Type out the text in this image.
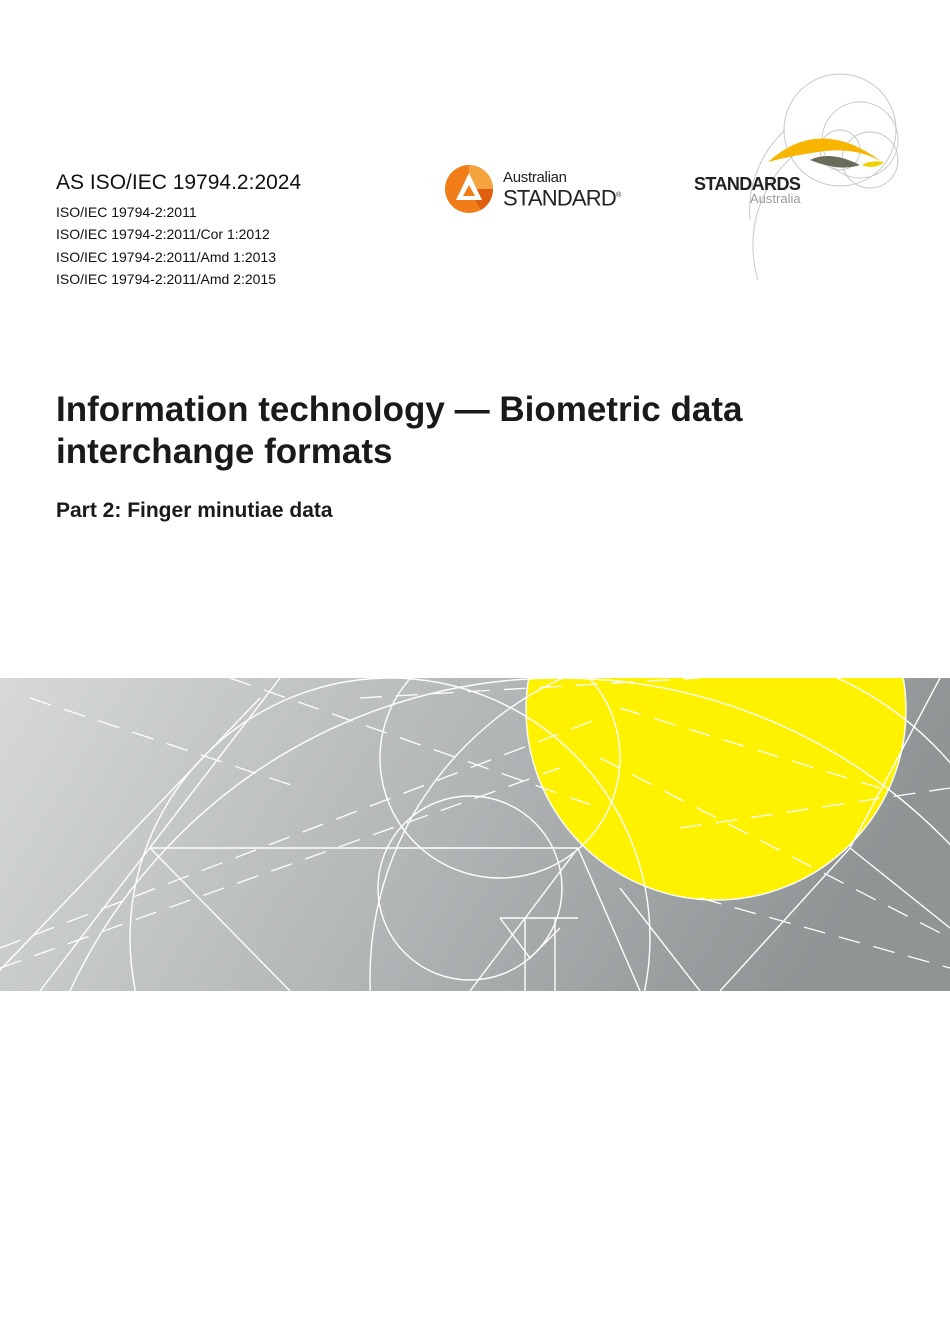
AS ISO/IEC 19794.2:2024
ISO/IEC 19794-2:2011
ISO/IEC 19794-2:2011/Cor 1:2012
ISO/IEC 19794-2:2011/Amd 1:2013
ISO/IEC 19794-2:2011/Amd 2:2015
Australian
STANDARD®
STANDARDS
Australia
Information technology — Biometric data interchange formats
Part 2: Finger minutiae data
